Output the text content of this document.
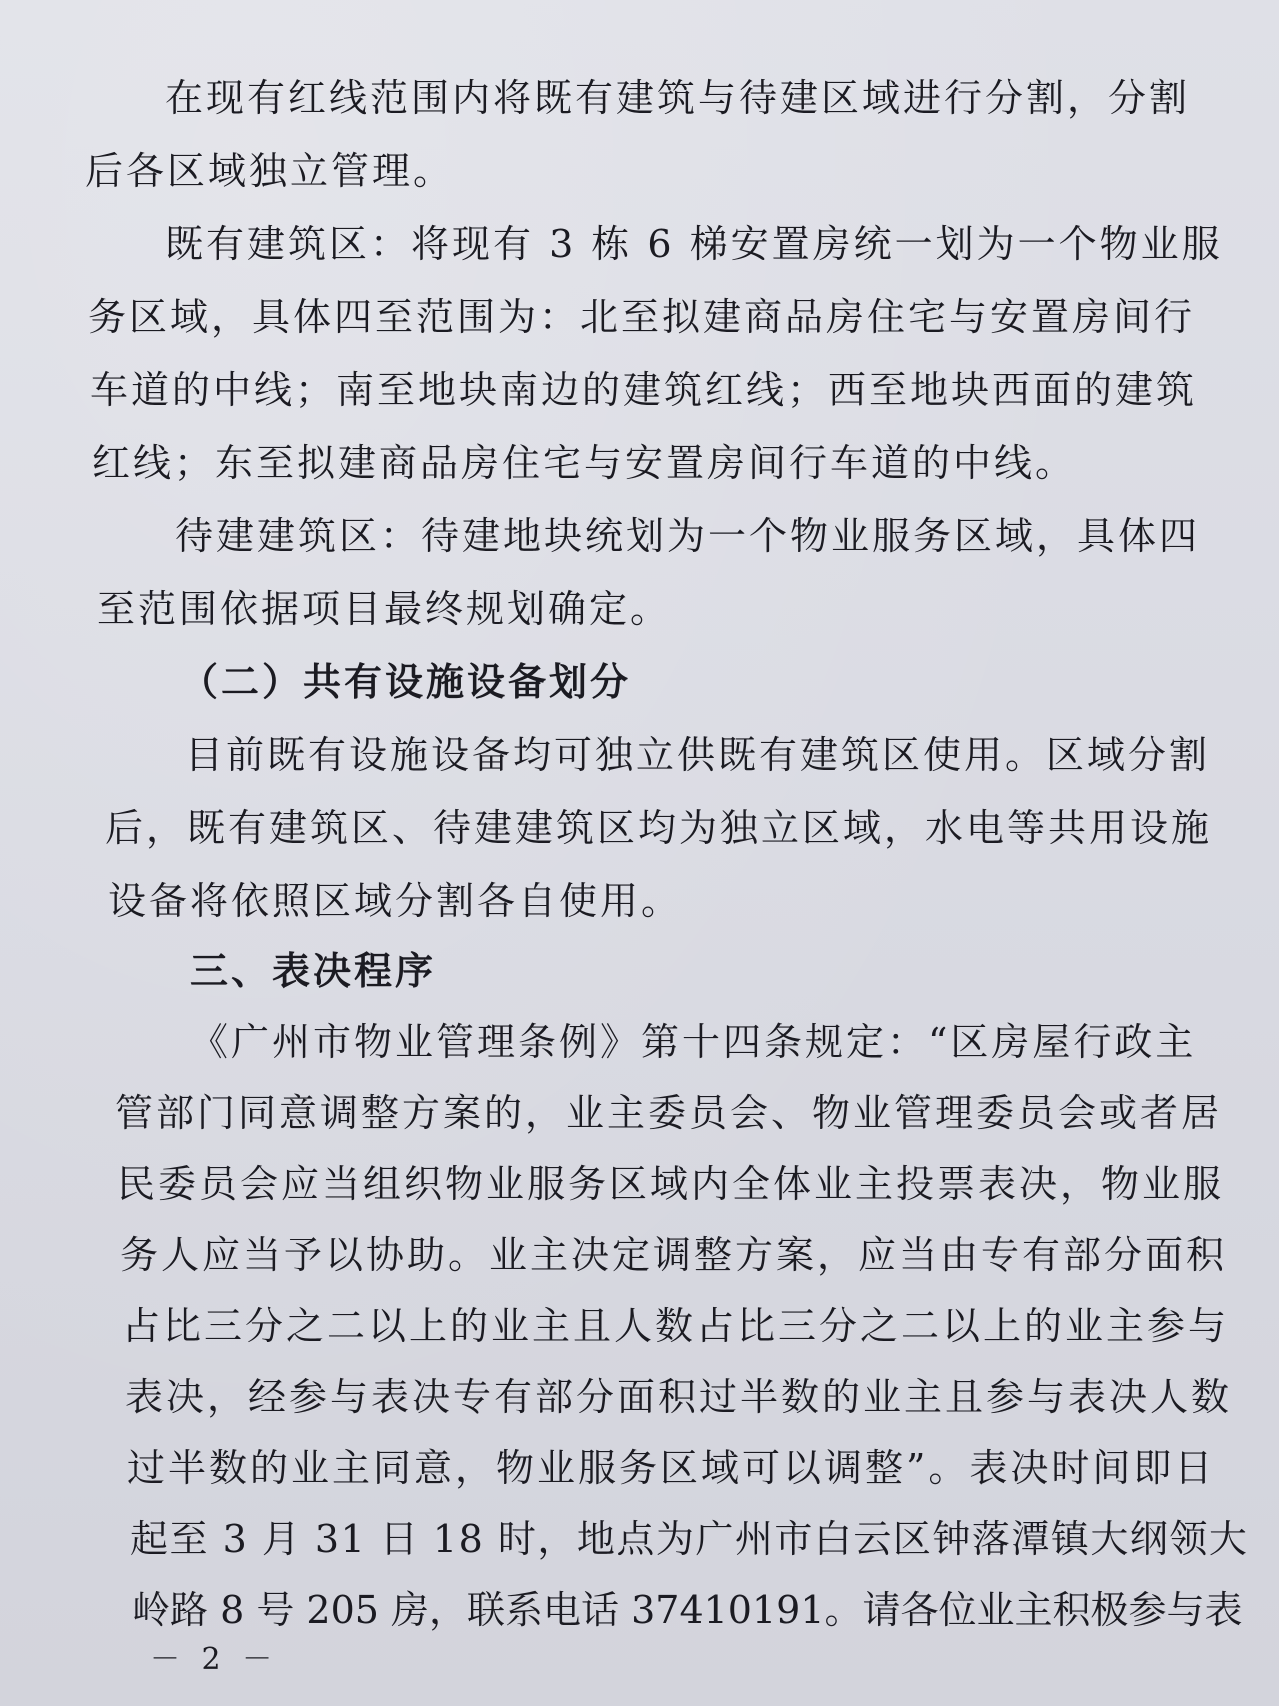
在现有红线范围内将既有建筑与待建区域进行分割，分割
后各区域独立管理。
既有建筑区：将现有 3 栋 6 梯安置房统一划为一个物业服
务区域，具体四至范围为：北至拟建商品房住宅与安置房间行
车道的中线；南至地块南边的建筑红线；西至地块西面的建筑
红线；东至拟建商品房住宅与安置房间行车道的中线。
待建建筑区：待建地块统划为一个物业服务区域，具体四
至范围依据项目最终规划确定。
（二）共有设施设备划分
目前既有设施设备均可独立供既有建筑区使用。区域分割
后，既有建筑区、待建建筑区均为独立区域，水电等共用设施
设备将依照区域分割各自使用。
三、表决程序
《广州市物业管理条例》第十四条规定：“区房屋行政主
管部门同意调整方案的，业主委员会、物业管理委员会或者居
民委员会应当组织物业服务区域内全体业主投票表决，物业服
务人应当予以协助。业主决定调整方案，应当由专有部分面积
占比三分之二以上的业主且人数占比三分之二以上的业主参与
表决，经参与表决专有部分面积过半数的业主且参与表决人数
过半数的业主同意，物业服务区域可以调整”。表决时间即日
起至 3 月 31 日 18 时，地点为广州市白云区钟落潭镇大纲领大
岭路 8 号 205 房，联系电话 37410191。请各位业主积极参与表
－ 2 －
